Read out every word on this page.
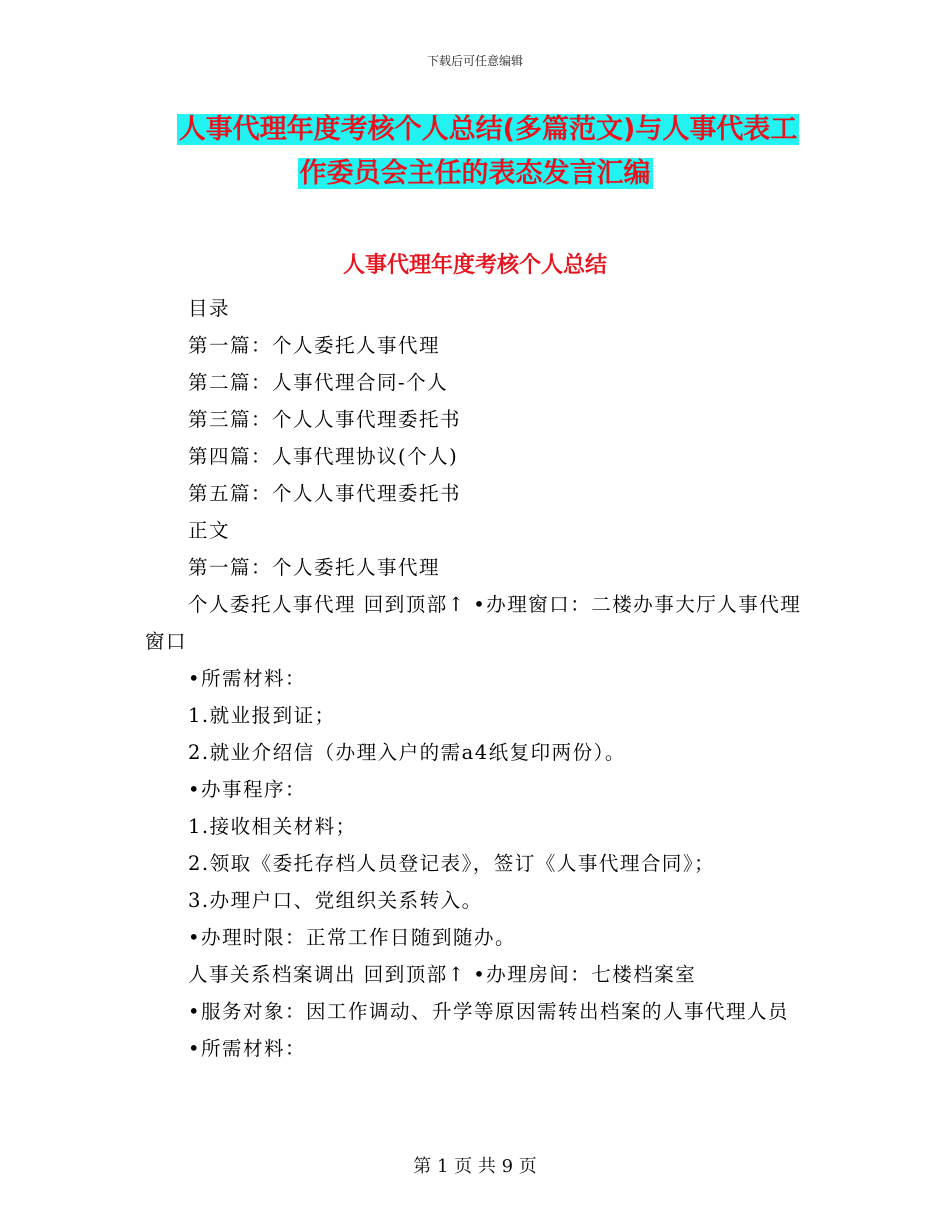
下载后可任意编辑
人事代理年度考核个人总结(多篇范文)与人事代表工
作委员会主任的表态发言汇编
人事代理年度考核个人总结

目录

第一篇：个人委托人事代理

第二篇：人事代理合同-个人

第三篇：个人人事代理委托书

第四篇：人事代理协议(个人)

第五篇：个人人事代理委托书

正文

第一篇：个人委托人事代理

个人委托人事代理 回到顶部↑ •办理窗口：二楼办事大厅人事代理窗口

•所需材料：

1.就业报到证；

2.就业介绍信（办理入户的需a4纸复印两份）。

•办事程序：

1.接收相关材料；

2.领取《委托存档人员登记表》，签订《人事代理合同》；

3.办理户口、党组织关系转入。

•办理时限：正常工作日随到随办。

人事关系档案调出 回到顶部↑ •办理房间：七楼档案室

•服务对象：因工作调动、升学等原因需转出档案的人事代理人员

•所需材料：

第 1 页 共 9 页
